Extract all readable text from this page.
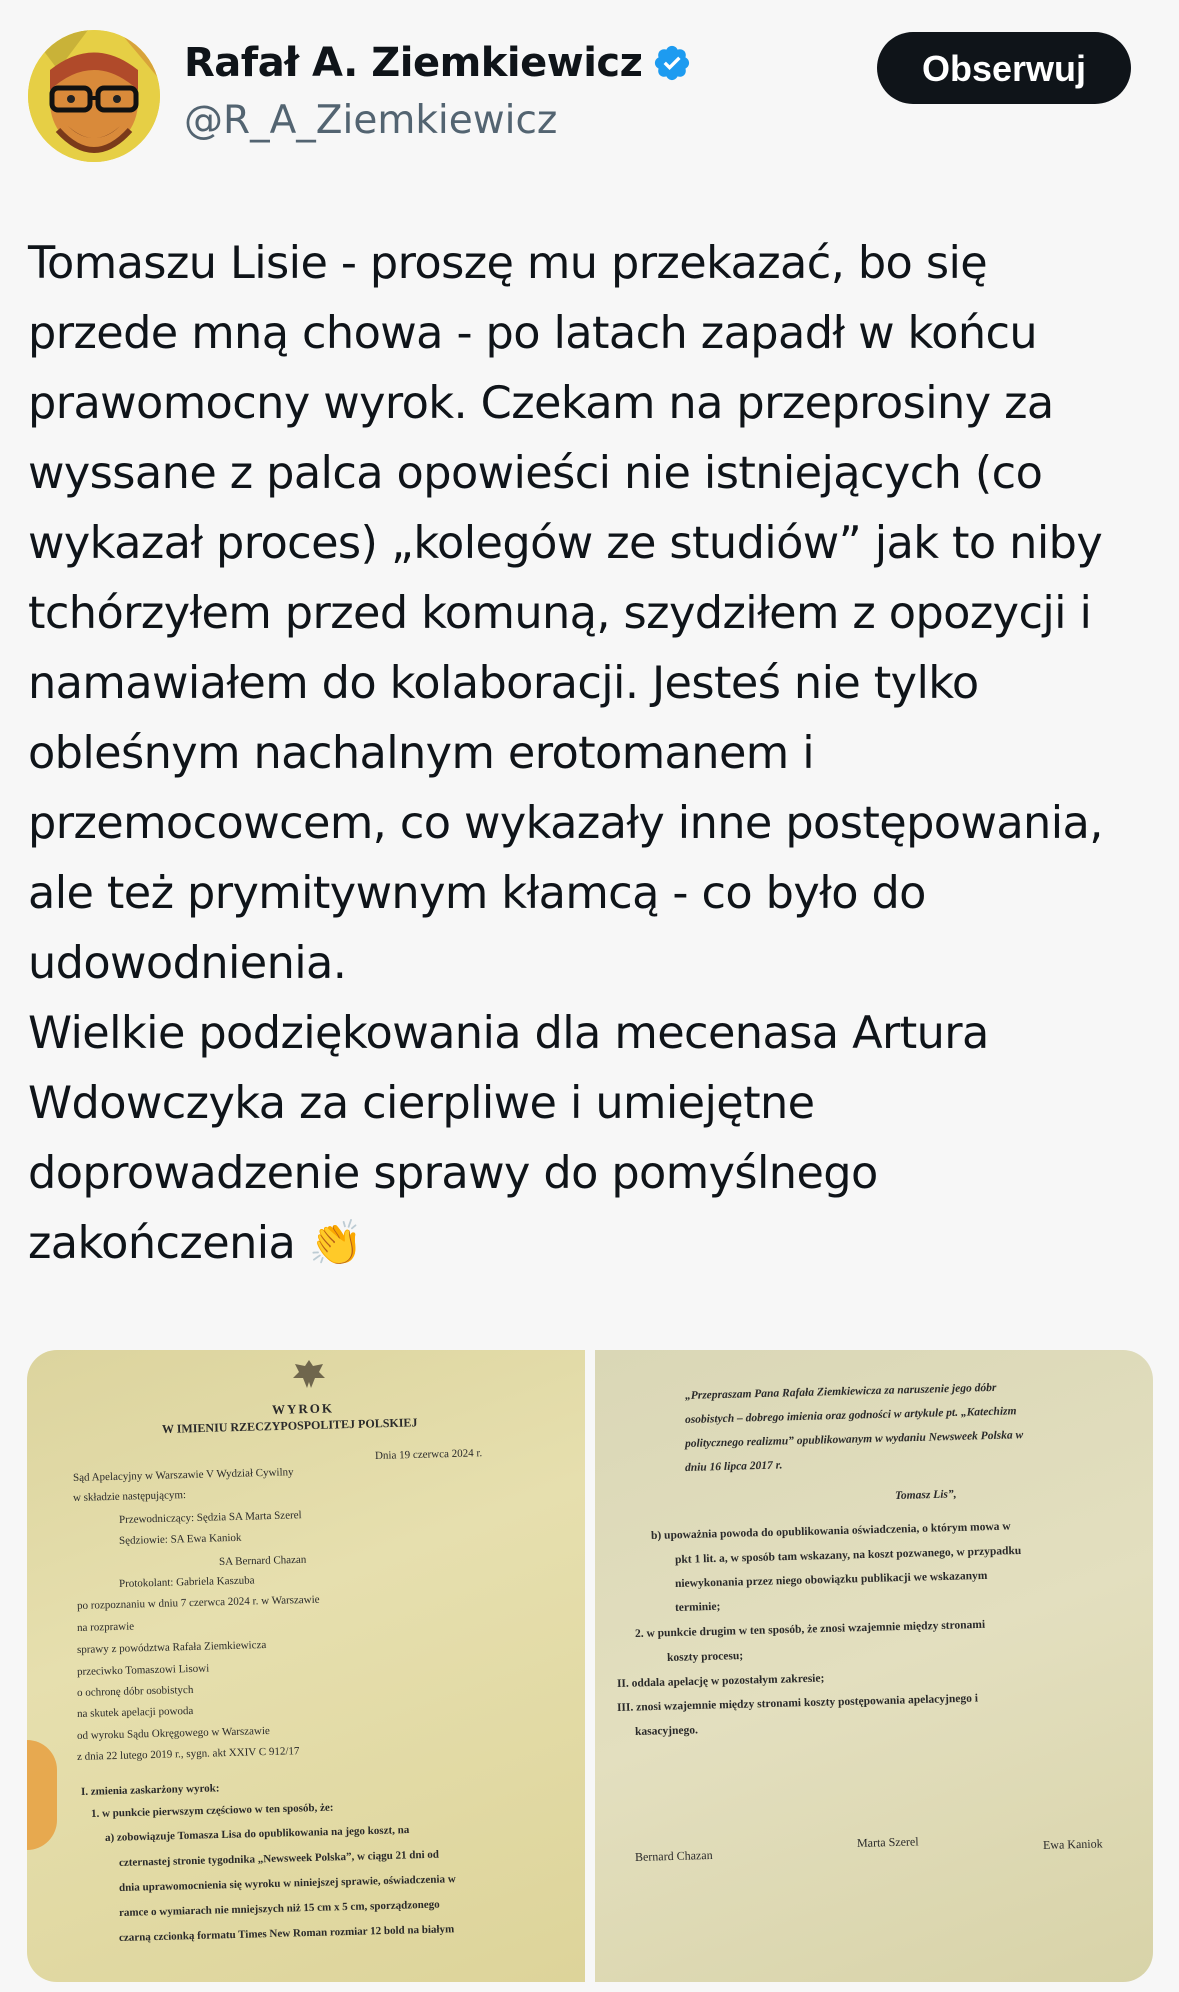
Rafał A. Ziemkiewicz
@R_A_Ziemkiewicz
Obserwuj

Tomaszu Lisie - proszę mu przekazać, bo się
przede mną chowa - po latach zapadł w końcu
prawomocny wyrok. Czekam na przeprosiny za
wyssane z palca opowieści nie istniejących (co
wykazał proces) „kolegów ze studiów” jak to niby
tchórzyłem przed komuną, szydziłem z opozycji i
namawiałem do kolaboracji. Jesteś nie tylko
obleśnym nachalnym erotomanem i
przemocowcem, co wykazały inne postępowania,
ale też prymitywnym kłamcą - co było do
udowodnienia.
Wielkie podziękowania dla mecenasa Artura
Wdowczyka za cierpliwe i umiejętne
doprowadzenie sprawy do pomyślnego
zakończenia 👏

WYROK
W IMIENIU RZECZYPOSPOLITEJ POLSKIEJ
Dnia 19 czerwca 2024 r.
Sąd Apelacyjny w Warszawie V Wydział Cywilny
w składzie następującym:
Przewodniczący: Sędzia SA Marta Szerel
Sędziowie: SA Ewa Kaniok
SA Bernard Chazan
Protokolant: Gabriela Kaszuba
po rozpoznaniu w dniu 7 czerwca 2024 r. w Warszawie
na rozprawie
sprawy z powództwa Rafała Ziemkiewicza
przeciwko Tomaszowi Lisowi
o ochronę dóbr osobistych
na skutek apelacji powoda
od wyroku Sądu Okręgowego w Warszawie
z dnia 22 lutego 2019 r., sygn. akt XXIV C 912/17
I. zmienia zaskarżony wyrok:
1. w punkcie pierwszym częściowo w ten sposób, że:
a) zobowiązuje Tomasza Lisa do opublikowania na jego koszt, na
czternastej stronie tygodnika „Newsweek Polska”, w ciągu 21 dni od
dnia uprawomocnienia się wyroku w niniejszej sprawie, oświadczenia w
ramce o wymiarach nie mniejszych niż 15 cm x 5 cm, sporządzonego
czarną czcionką formatu Times New Roman rozmiar 12 bold na białym
„Przepraszam Pana Rafała Ziemkiewicza za naruszenie jego dóbr
osobistych – dobrego imienia oraz godności w artykule pt. „Katechizm
politycznego realizmu” opublikowanym w wydaniu Newsweek Polska w
dniu 16 lipca 2017 r.
Tomasz Lis”,
b) upoważnia powoda do opublikowania oświadczenia, o którym mowa w
pkt 1 lit. a, w sposób tam wskazany, na koszt pozwanego, w przypadku
niewykonania przez niego obowiązku publikacji we wskazanym
terminie;
2. w punkcie drugim w ten sposób, że znosi wzajemnie między stronami
koszty procesu;
II. oddala apelację w pozostałym zakresie;
III. znosi wzajemnie między stronami koszty postępowania apelacyjnego i
kasacyjnego.
Bernard Chazan
Marta Szerel	Ewa Kaniok
